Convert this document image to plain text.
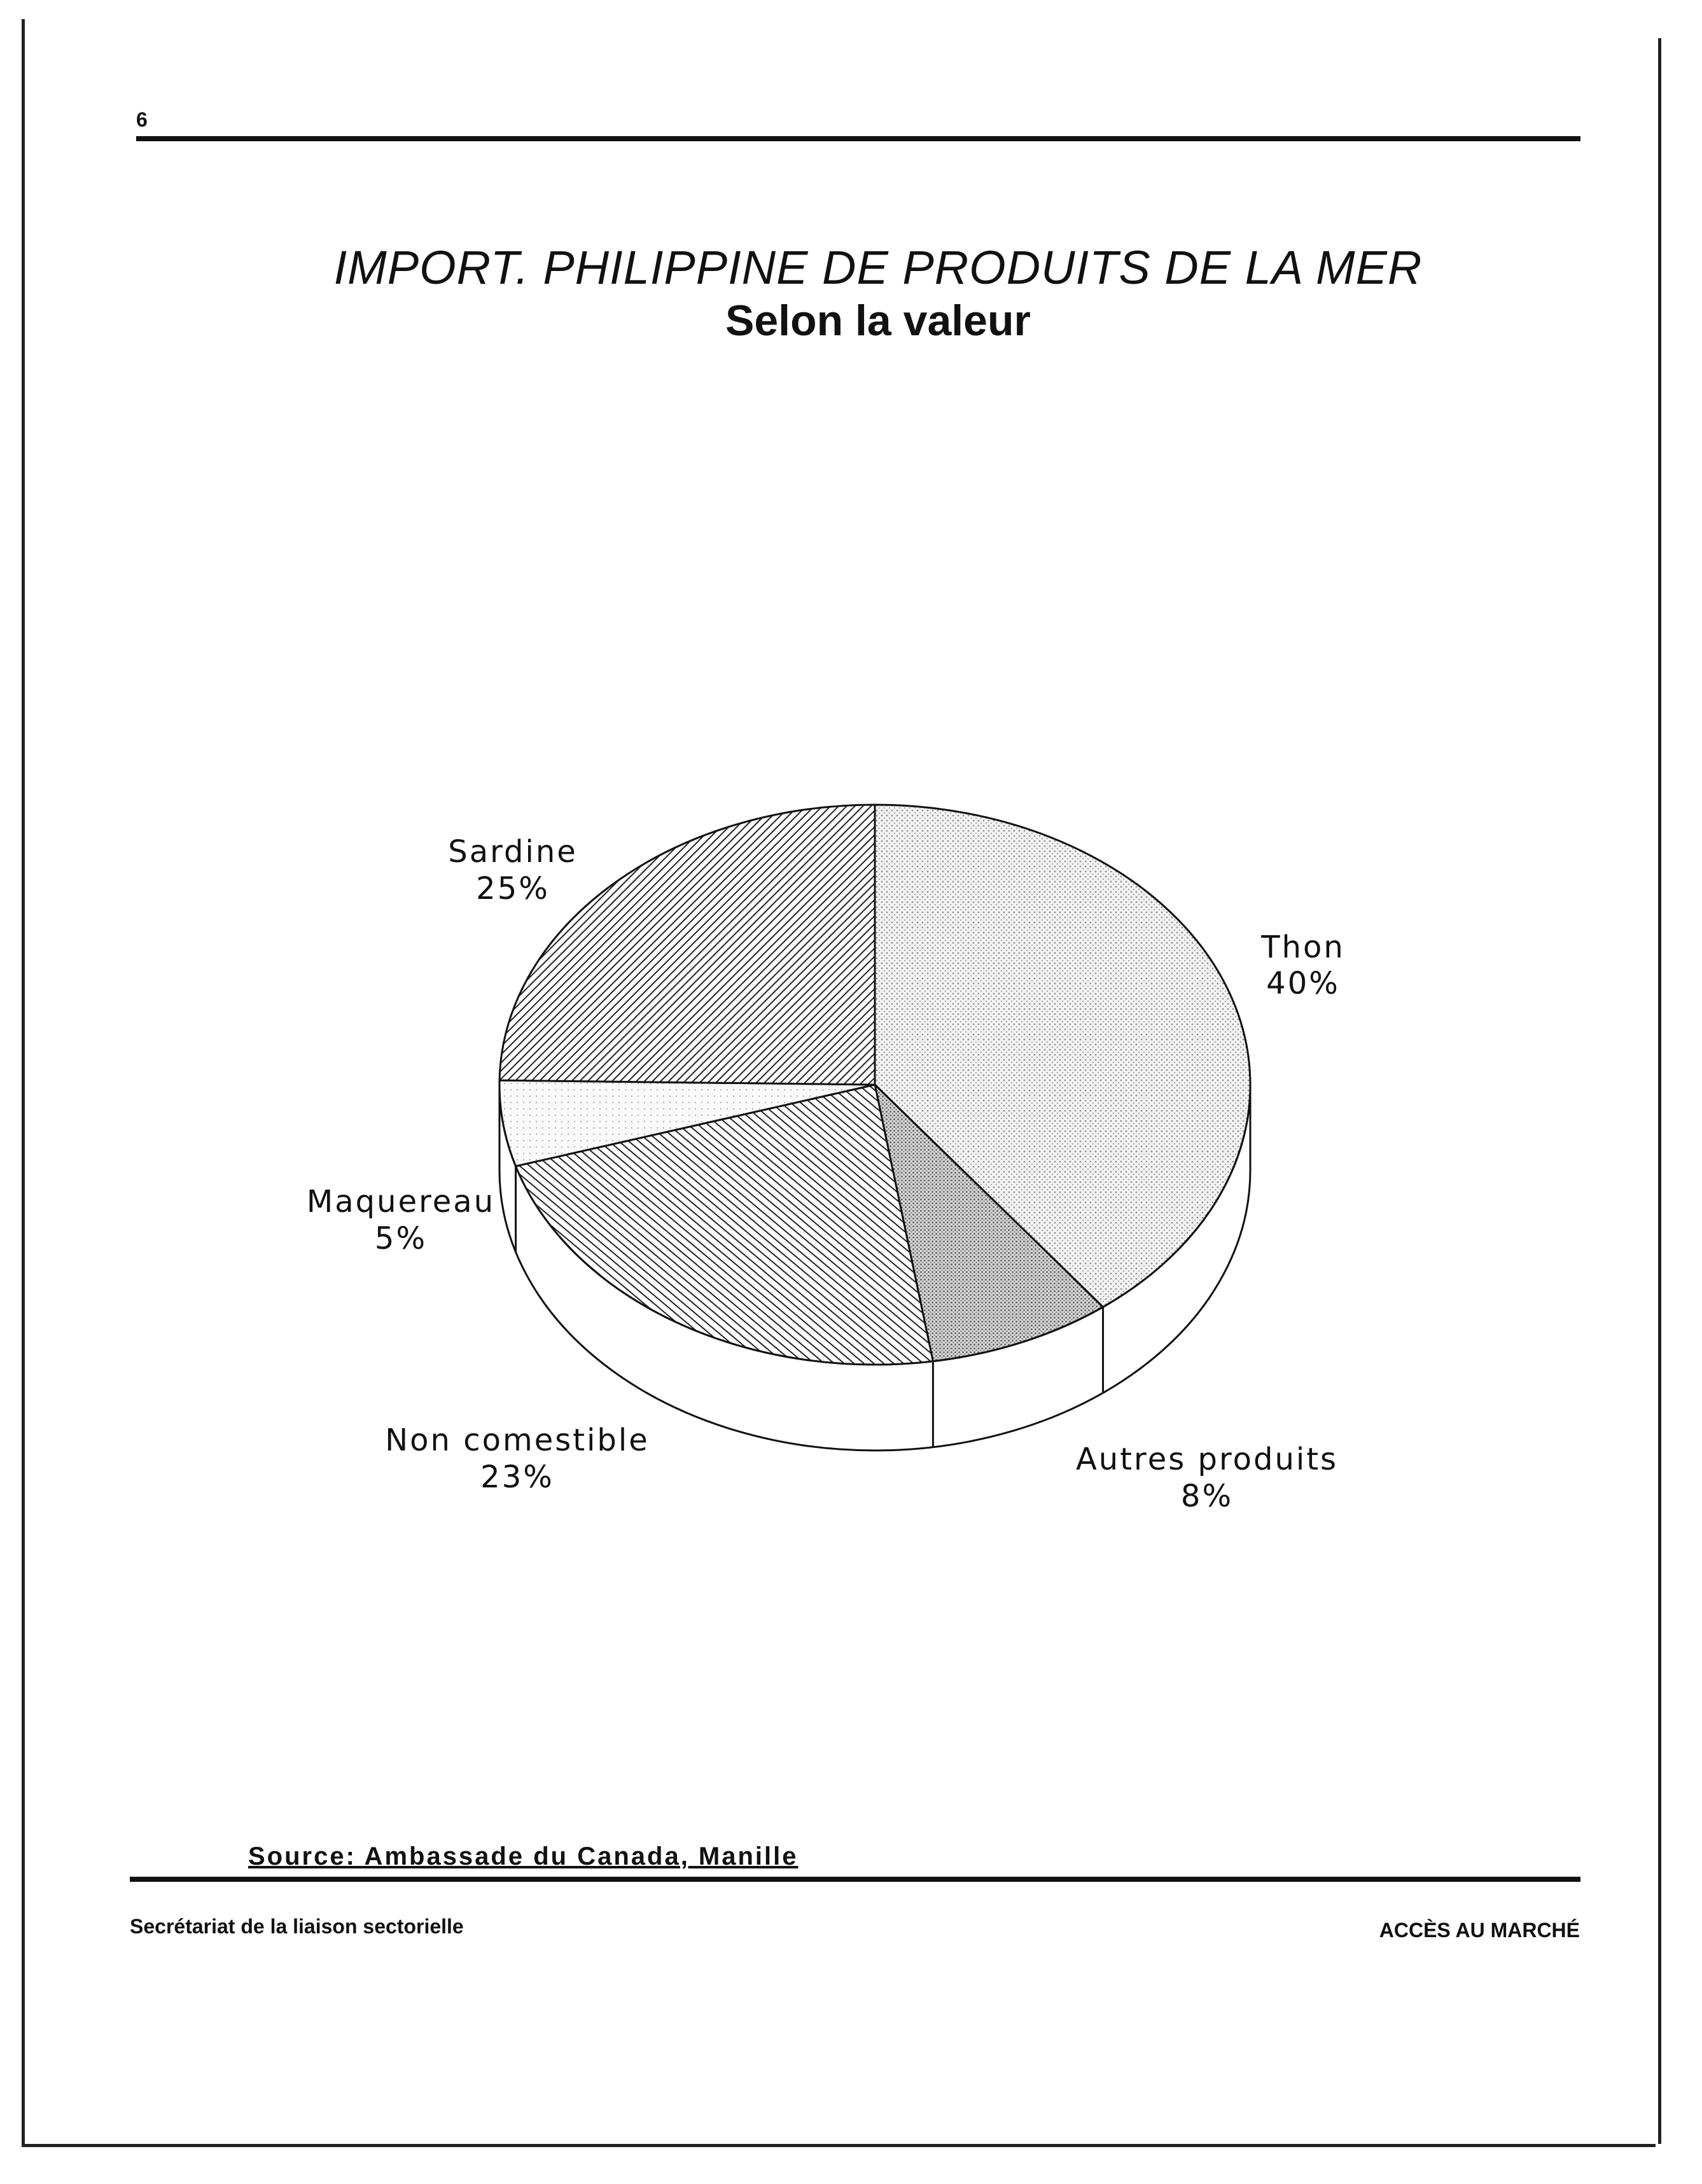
6
IMPORT. PHILIPPINE DE PRODUITS DE LA MER
Selon la valeur
Thon
40%
Autres produits
8%
Non comestible
23%
Maquereau
5%
Sardine
25%
Source: Ambassade du Canada, Manille
Secrétariat de la liaison sectorielle	ACCÈS AU MARCHÉ
